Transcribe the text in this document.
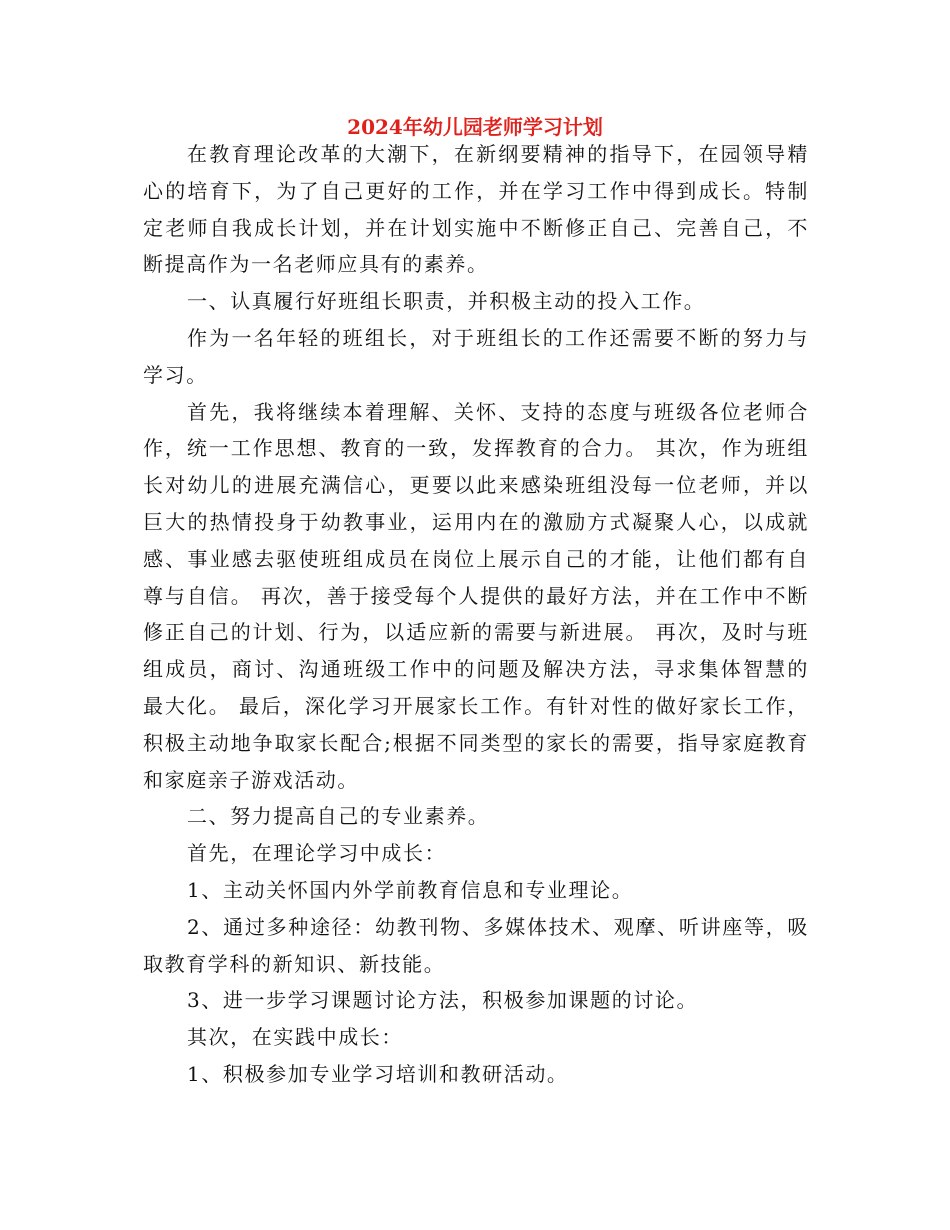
2024年幼儿园老师学习计划

在教育理论改革的大潮下，在新纲要精神的指导下，在园领导精心的培育下，为了自己更好的工作，并在学习工作中得到成长。特制定老师自我成长计划，并在计划实施中不断修正自己、完善自己，不断提高作为一名老师应具有的素养。

一、认真履行好班组长职责，并积极主动的投入工作。

作为一名年轻的班组长，对于班组长的工作还需要不断的努力与学习。

首先，我将继续本着理解、关怀、支持的态度与班级各位老师合作，统一工作思想、教育的一致，发挥教育的合力。 其次，作为班组长对幼儿的进展充满信心，更要以此来感染班组没每一位老师，并以巨大的热情投身于幼教事业，运用内在的激励方式凝聚人心，以成就感、事业感去驱使班组成员在岗位上展示自己的才能，让他们都有自尊与自信。 再次，善于接受每个人提供的最好方法，并在工作中不断修正自己的计划、行为，以适应新的需要与新进展。 再次，及时与班组成员，商讨、沟通班级工作中的问题及解决方法，寻求集体智慧的最大化。 最后，深化学习开展家长工作。有针对性的做好家长工作，积极主动地争取家长配合;根据不同类型的家长的需要，指导家庭教育和家庭亲子游戏活动。

二、努力提高自己的专业素养。

首先，在理论学习中成长：

1、主动关怀国内外学前教育信息和专业理论。

2、通过多种途径：幼教刊物、多媒体技术、观摩、听讲座等，吸取教育学科的新知识、新技能。

3、进一步学习课题讨论方法，积极参加课题的讨论。

其次，在实践中成长：

1、积极参加专业学习培训和教研活动。
